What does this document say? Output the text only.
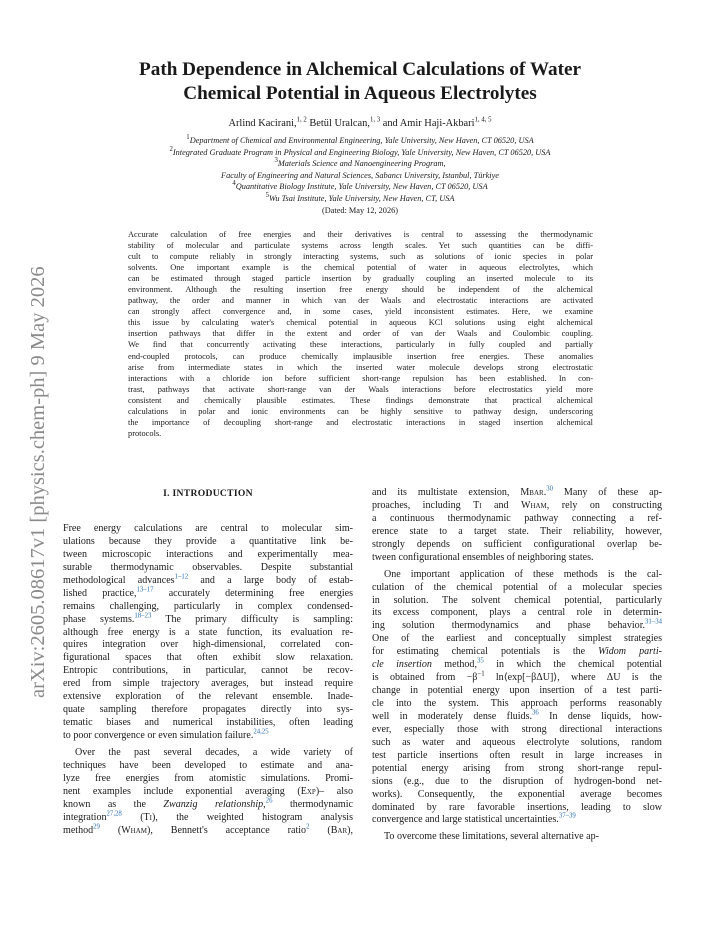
arXiv:2605.08617v1 [physics.chem-ph] 9 May 2026
Path Dependence in Alchemical Calculations of Water
Chemical Potential in Aqueous Electrolytes
Arlind Kacirani,$^{1, 2}$ Betül Uralcan,$^{1, 3}$ and Amir Haji-Akbari$^{1, 4, 5}$
$^1$Department of Chemical and Environmental Engineering, Yale University, New Haven, CT 06520, USA
$^2$Integrated Graduate Program in Physical and Engineering Biology, Yale University, New Haven, CT 06520, USA
$^3$Materials Science and Nanoengineering Program,
Faculty of Engineering and Natural Sciences, Sabancı University, Istanbul, Türkiye
$^4$Quantitative Biology Institute, Yale University, New Haven, CT 06520, USA
$^5$Wu Tsai Institute, Yale University, New Haven, CT, USA
(Dated: May 12, 2026)
Accurate calculation of free energies and their derivatives is central to assessing the thermodynamic
stability of molecular and particulate systems across length scales. Yet such quantities can be diffi-
cult to compute reliably in strongly interacting systems, such as solutions of ionic species in polar
solvents. One important example is the chemical potential of water in aqueous electrolytes, which
can be estimated through staged particle insertion by gradually coupling an inserted molecule to its
environment. Although the resulting insertion free energy should be independent of the alchemical
pathway, the order and manner in which van der Waals and electrostatic interactions are activated
can strongly affect convergence and, in some cases, yield inconsistent estimates. Here, we examine
this issue by calculating water's chemical potential in aqueous KCl solutions using eight alchemical
insertion pathways that differ in the extent and order of van der Waals and Coulombic coupling.
We find that concurrently activating these interactions, particularly in fully coupled and partially
end-coupled protocols, can produce chemically implausible insertion free energies. These anomalies
arise from intermediate states in which the inserted water molecule develops strong electrostatic
interactions with a chloride ion before sufficient short-range repulsion has been established. In con-
trast, pathways that activate short-range van der Waals interactions before electrostatics yield more
consistent and chemically plausible estimates. These findings demonstrate that practical alchemical
calculations in polar and ionic environments can be highly sensitive to pathway design, underscoring
the importance of decoupling short-range and electrostatic interactions in staged insertion alchemical
protocols.
I. INTRODUCTION
Free energy calculations are central to molecular sim-
ulations because they provide a quantitative link be-
tween microscopic interactions and experimentally mea-
surable thermodynamic observables. Despite substantial
methodological advances$^{1-12}$ and a large body of estab-
lished practice,$^{13-17}$ accurately determining free energies
remains challenging, particularly in complex condensed-
phase systems.$^{18-23}$ The primary difficulty is sampling:
although free energy is a state function, its evaluation re-
quires integration over high-dimensional, correlated con-
figurational spaces that often exhibit slow relaxation.
Entropic contributions, in particular, cannot be recov-
ered from simple trajectory averages, but instead require
extensive exploration of the relevant ensemble. Inade-
quate sampling therefore propagates directly into sys-
tematic biases and numerical instabilities, often leading
to poor convergence or even simulation failure.$^{24,25}$
Over the past several decades, a wide variety of
techniques have been developed to estimate and ana-
lyze free energies from atomistic simulations. Promi-
nent examples include exponential averaging (Exp)– also
known as the Zwanzig relationship,$^{26}$ thermodynamic
integration$^{27,28}$ (Ti), the weighted histogram analysis
method$^{29}$ (Wham), Bennett's acceptance ratio$^2$ (Bar),
and its multistate extension, Mbar.$^{30}$ Many of these ap-
proaches, including Ti and Wham, rely on constructing
a continuous thermodynamic pathway connecting a ref-
erence state to a target state. Their reliability, however,
strongly depends on sufficient configurational overlap be-
tween configurational ensembles of neighboring states.
One important application of these methods is the cal-
culation of the chemical potential of a molecular species
in solution. The solvent chemical potential, particularly
its excess component, plays a central role in determin-
ing solution thermodynamics and phase behavior.$^{31-34}$
One of the earliest and conceptually simplest strategies
for estimating chemical potentials is the Widom parti-
cle insertion method,$^{35}$ in which the chemical potential
is obtained from $-\beta^{-1}$ ln⟨exp[−βΔU]⟩, where ΔU is the
change in potential energy upon insertion of a test parti-
cle into the system. This approach performs reasonably
well in moderately dense fluids.$^{36}$ In dense liquids, how-
ever, especially those with strong directional interactions
such as water and aqueous electrolyte solutions, random
test particle insertions often result in large increases in
potential energy arising from strong short-range repul-
sions (e.g., due to the disruption of hydrogen-bond net-
works). Consequently, the exponential average becomes
dominated by rare favorable insertions, leading to slow
convergence and large statistical uncertainties.$^{37-39}$
To overcome these limitations, several alternative ap-
